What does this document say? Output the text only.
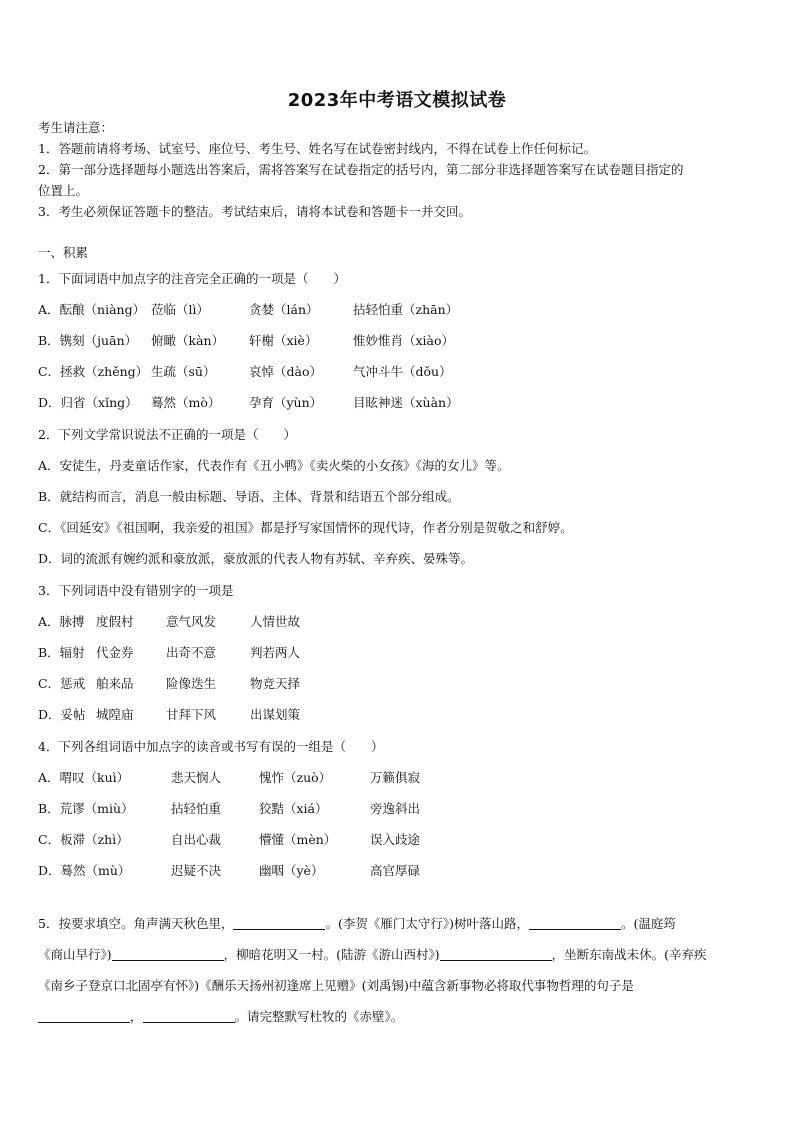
2023年中考语文模拟试卷
考生请注意：
1．答题前请将考场、试室号、座位号、考生号、姓名写在试卷密封线内，不得在试卷上作任何标记。
2．第一部分选择题每小题选出答案后，需将答案写在试卷指定的括号内，第二部分非选择题答案写在试卷题目指定的
位置上。
3．考生必须保证答题卡的整洁。考试结束后，请将本试卷和答题卡一并交回。
一、积累
1．下面词语中加点字的注音完全正确的一项是（　　）
A．酝酿（niàng） 莅临（lì）	贪婪（lán）	拈轻怕重（zhān）
B．镌刻（juān） 俯瞰（kàn） 轩榭（xiè）	惟妙惟肖（xiào）
C．拯救（zhěng） 生疏（sū）	哀悼（dào） 气冲斗牛（dǒu）
D．归省（xǐng） 蓦然（mò） 孕育（yùn） 目眩神迷（xùàn）
2．下列文学常识说法不正确的一项是（　　）
A．安徒生，丹麦童话作家，代表作有《丑小鸭》《卖火柴的小女孩》《海的女儿》等。
B．就结构而言，消息一般由标题、导语、主体、背景和结语五个部分组成。
C．《回延安》《祖国啊，我亲爱的祖国》都是抒写家国情怀的现代诗，作者分别是贺敬之和舒婷。
D．词的流派有婉约派和豪放派，豪放派的代表人物有苏轼、辛弃疾、晏殊等。
3．下列词语中没有错别字的一项是
A．脉搏 度假村	意气风发	人情世故
B．辐射 代金券	出奇不意	判若两人
C．惩戒 舶来品	险像迭生	物竞天择
D．妥帖 城隍庙	甘拜下风	出谋划策
4．下列各组词语中加点字的读音或书写有误的一组是（　　）
A．喟叹（kuì）	悲天悯人	愧怍（zuò）	万籁俱寂
B．荒谬（miù）	拈轻怕重	狡黠（xiá）	旁逸斜出
C．板滞（zhì）	自出心裁	懵懂（mèn）	误入歧途
D．蓦然（mù）	迟疑不决	幽咽（yè）	高官厚碌
5．按要求填空。角声满天秋色里，	。(李贺《雁门太守行》)树叶落山路，	。(温庭筠
《商山早行》)	，柳暗花明又一村。(陆游《游山西村》)	，坐断东南战未休。(辛弃疾
《南乡子登京口北固亭有怀》)《酬乐天扬州初逢席上见赠》(刘禹锡)中蕴含新事物必将取代事物哲理的句子是
，	。请完整默写杜牧的《赤壁》。
